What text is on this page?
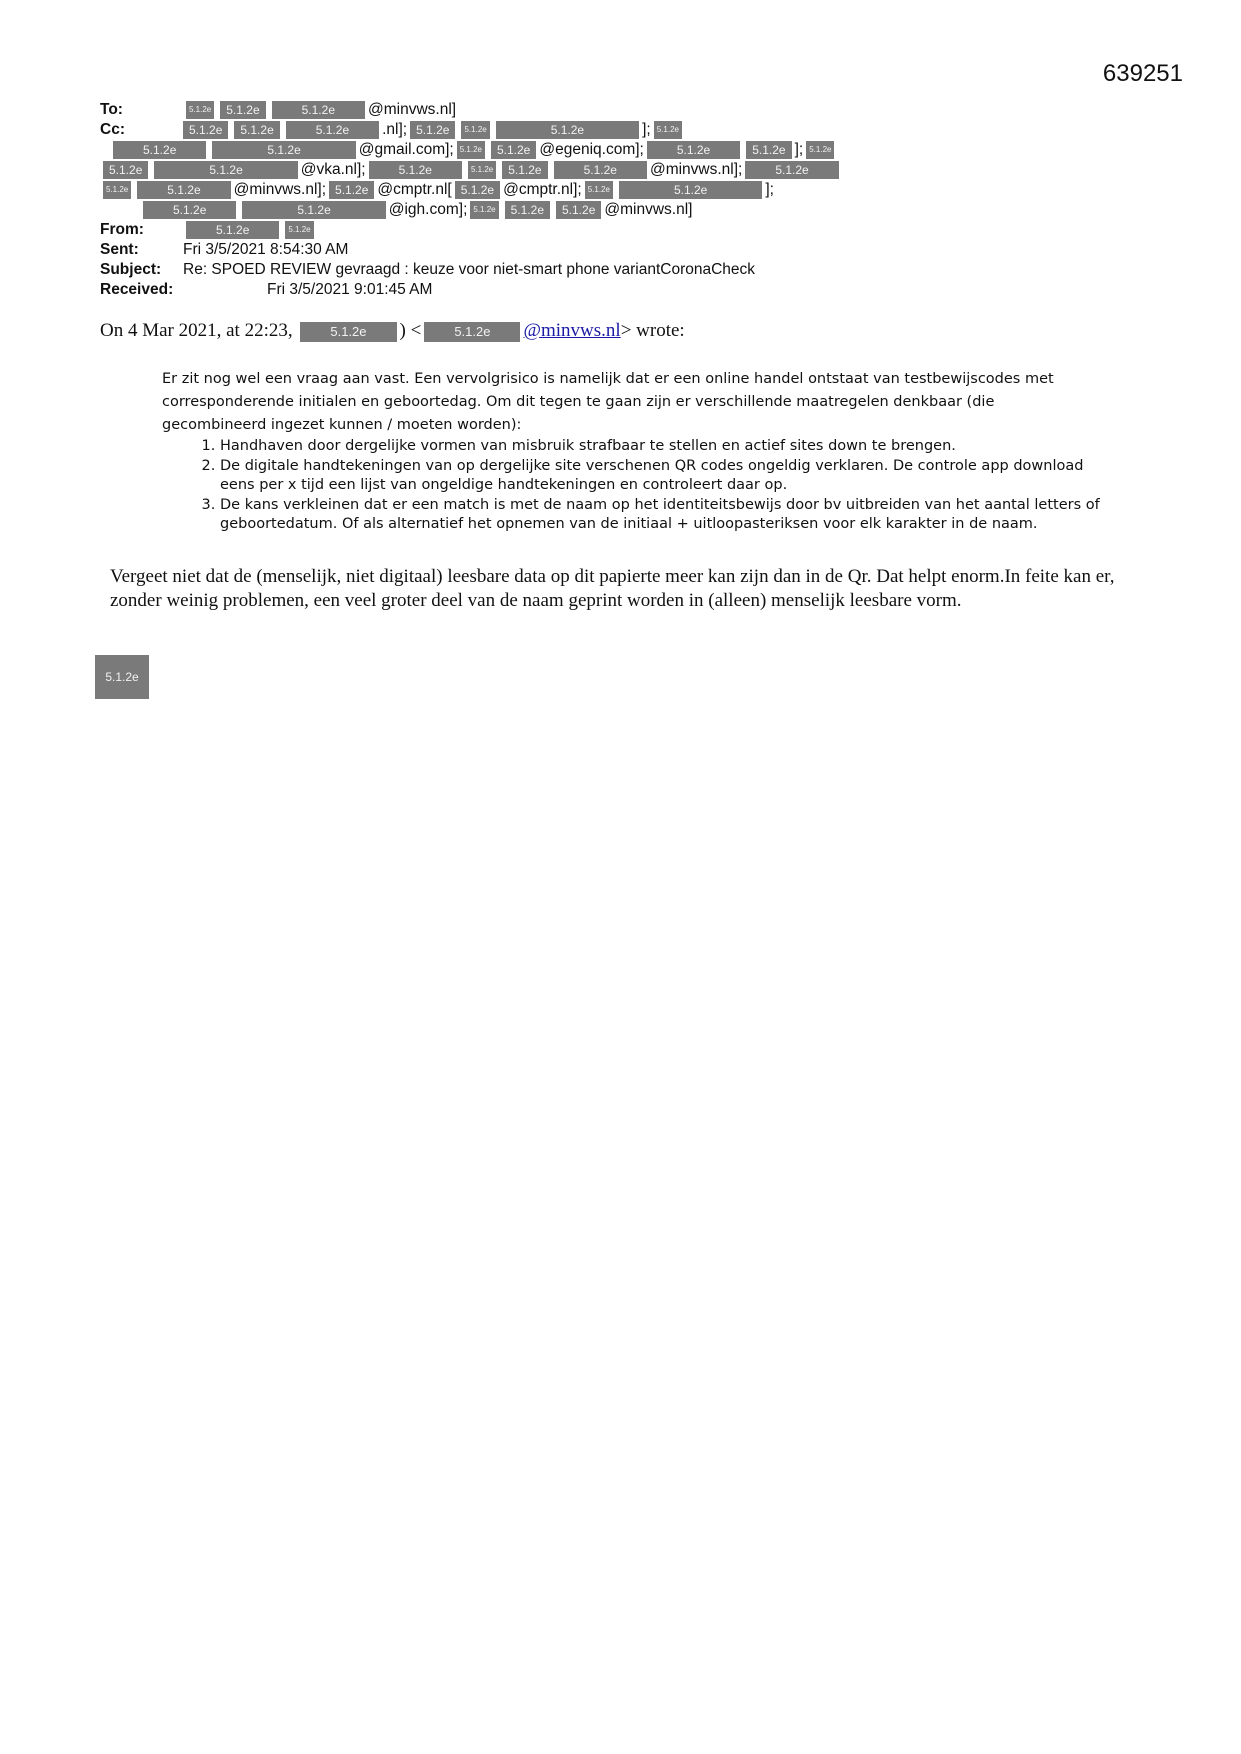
639251
To:	5.1.2e 5.1.2e	5.1.2e @minvws.nl]
Cc:	5.1.2e 5.1.2e	5.1.2e .nl]; 5.1.2e 5.1.2e	5.1.2e	]; 5.1.2e
5.1.2e	5.1.2e	@gmail.com]; 5.1.2e 5.1.2e @egeniq.com];	5.1.2e	5.1.2e ]; 5.1.2e
5.1.2e	5.1.2e	@vka.nl];	5.1.2e	5.1.2e 5.1.2e	5.1.2e @minvws.nl];	5.1.2e
5.1.2e	5.1.2e @minvws.nl]; 5.1.2e @cmptr.nl[ 5.1.2e @cmptr.nl]; 5.1.2e	5.1.2e	];
5.1.2e	5.1.2e	@igh.com]; 5.1.2e 5.1.2e 5.1.2e @minvws.nl]
From:	5.1.2e	5.1.2e
Sent:	Fri 3/5/2021 8:54:30 AM
Subject: Re: SPOED REVIEW gevraagd : keuze voor niet-smart phone variantCoronaCheck
Received:	Fri 3/5/2021 9:01:45 AM
On 4 Mar 2021, at 22:23,	5.1.2e ) <	5.1.2e @minvws.nl> wrote:

Er zit nog wel een vraag aan vast. Een vervolgrisico is namelijk dat er een online handel ontstaat van testbewijscodes met corresponderende initialen en geboortedag. Om dit tegen te gaan zijn er verschillende maatregelen denkbaar (die gecombineerd ingezet kunnen / moeten worden):

1. Handhaven door dergelijke vormen van misbruik strafbaar te stellen en actief sites down te brengen.
2. De digitale handtekeningen van op dergelijke site verschenen QR codes ongeldig verklaren. De controle app download eens per x tijd een lijst van ongeldige handtekeningen en controleert daar op.
3. De kans verkleinen dat er een match is met de naam op het identiteitsbewijs door bv uitbreiden van het aantal letters of geboortedatum. Of als alternatief het opnemen van de initiaal + uitloopasteriksen voor elk karakter in de naam.

Vergeet niet dat de (menselijk, niet digitaal) leesbare data op dit papierte meer kan zijn dan in de Qr. Dat helpt enorm.In feite kan er, zonder weinig problemen, een veel groter deel van de naam geprint worden in (alleen) menselijk leesbare vorm.

5.1.2e
